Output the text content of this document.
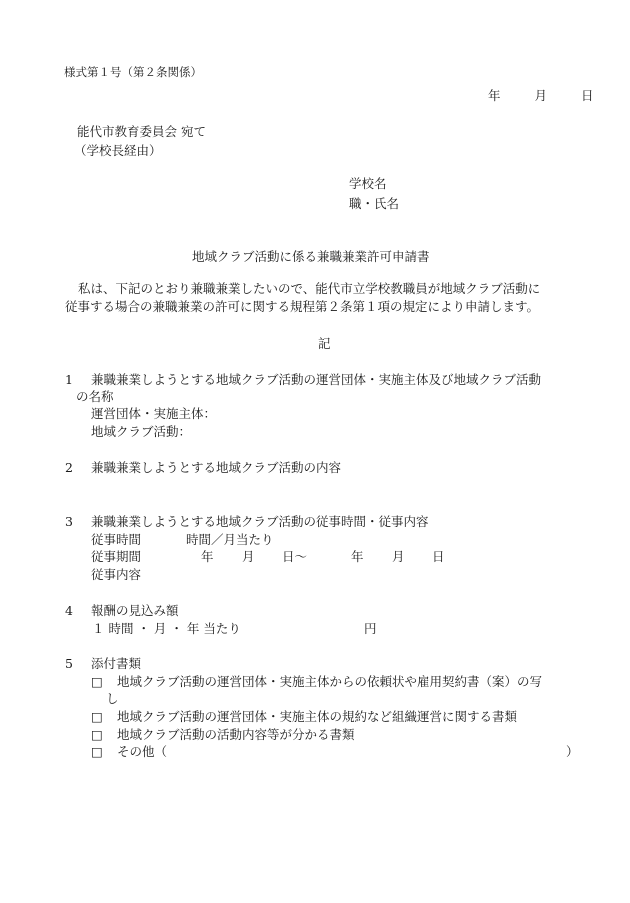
様式第１号（第２条関係）
年	月	日
能代市教育委員会 宛て
（学校長経由）
学校名
職・氏名
地域クラブ活動に係る兼職兼業許可申請書
私は、下記のとおり兼職兼業したいので、能代市立学校教職員が地域クラブ活動に
従事する場合の兼職兼業の許可に関する規程第２条第１項の規定により申請します。
記
1 兼職兼業しようとする地域クラブ活動の運営団体・実施主体及び地域クラブ活動
の名称
運営団体・実施主体：
地域クラブ活動：
2 兼職兼業しようとする地域クラブ活動の内容
3 兼職兼業しようとする地域クラブ活動の従事時間・従事内容
従事時間	時間／月当たり
従事期間	年 月 日～	年 月 日
従事内容
4 報酬の見込み額
１ 時間 ・ 月 ・ 年 当たり	円
5 添付書類
□ 地域クラブ活動の運営団体・実施主体からの依頼状や雇用契約書（案）の写
し
□ 地域クラブ活動の運営団体・実施主体の規約など組織運営に関する書類
□ 地域クラブ活動の活動内容等が分かる書類
□ その他（	）
